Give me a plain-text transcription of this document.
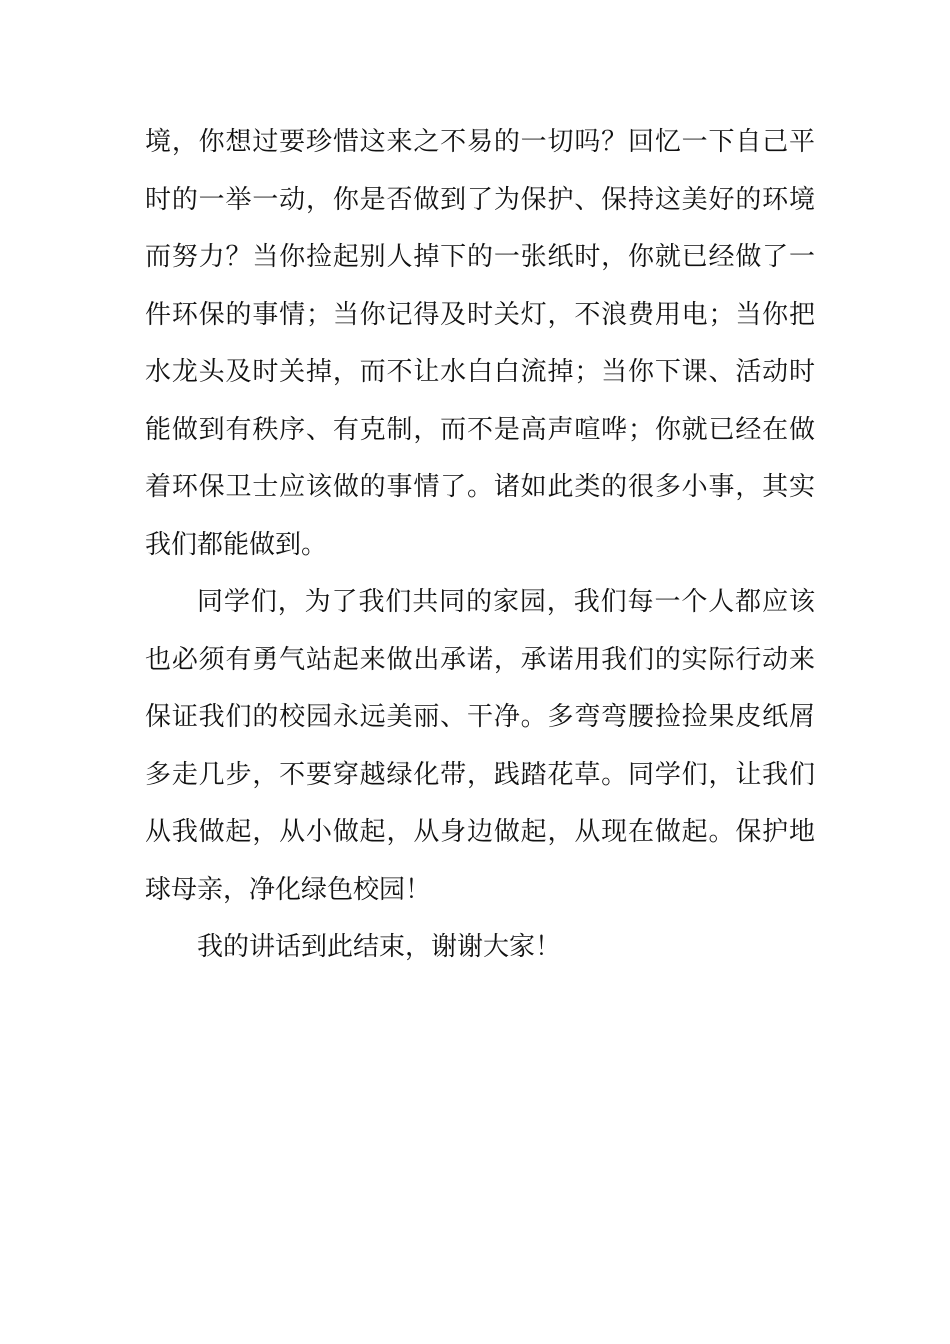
境，你想过要珍惜这来之不易的一切吗？回忆一下自己平
时的一举一动，你是否做到了为保护、保持这美好的环境
而努力？当你捡起别人掉下的一张纸时，你就已经做了一
件环保的事情；当你记得及时关灯，不浪费用电；当你把
水龙头及时关掉，而不让水白白流掉；当你下课、活动时
能做到有秩序、有克制，而不是高声喧哗；你就已经在做
着环保卫士应该做的事情了。诸如此类的很多小事，其实
我们都能做到。

同学们，为了我们共同的家园，我们每一个人都应该
也必须有勇气站起来做出承诺，承诺用我们的实际行动来
保证我们的校园永远美丽、干净。多弯弯腰捡捡果皮纸屑
多走几步，不要穿越绿化带，践踏花草。同学们，让我们
从我做起，从小做起，从身边做起，从现在做起。保护地
球母亲，净化绿色校园！

我的讲话到此结束，谢谢大家！
